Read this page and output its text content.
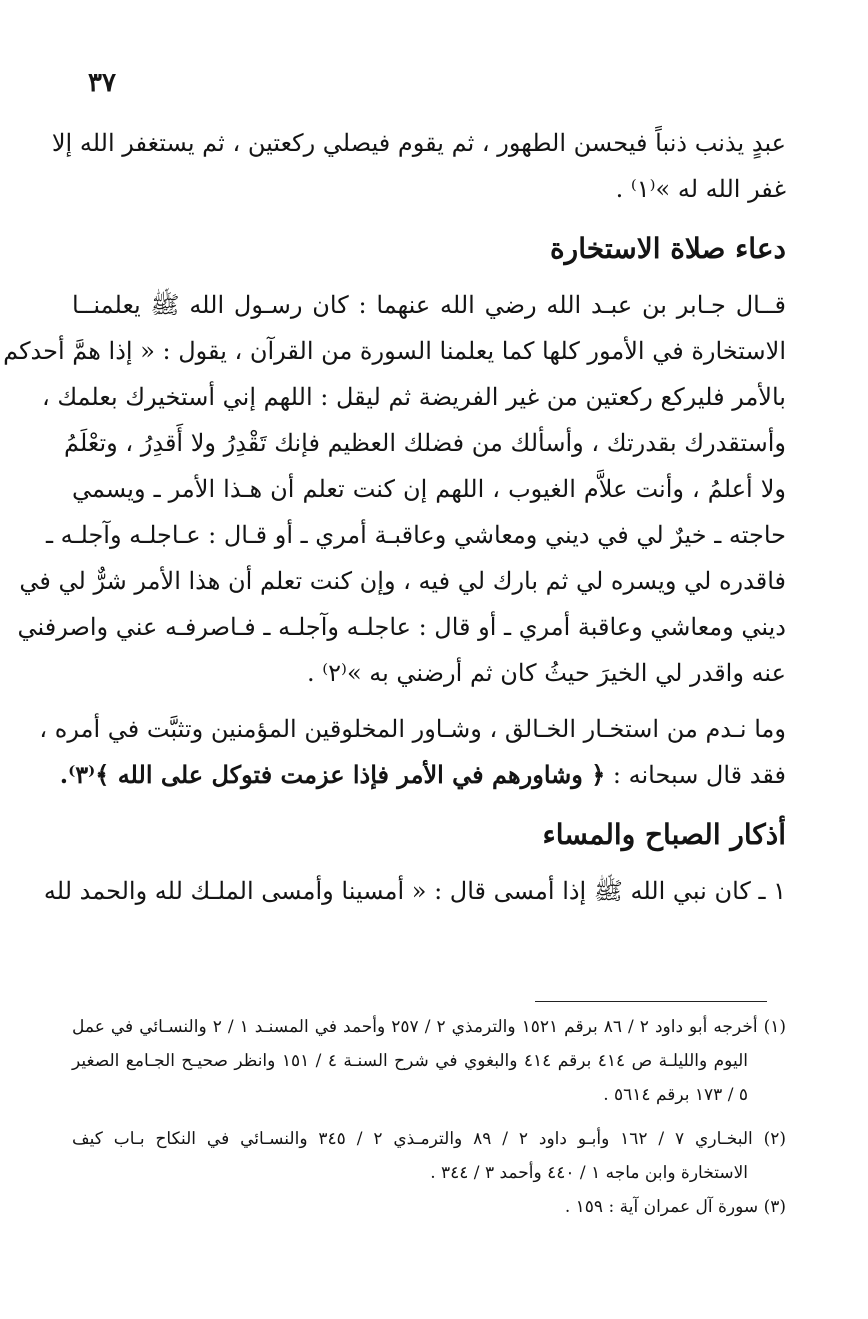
٣٧
عبدٍ يذنب ذنباً فيحسن الطهور ، ثم يقوم فيصلي ركعتين ، ثم يستغفر الله إلا
غفر الله له »⁽١⁾ .
دعاء صلاة الاستخارة
قــال جـابر بن عبـد الله رضي الله عنهما : كان رسـول الله ﷺ يعلمنــا
الاستخارة في الأمور كلها كما يعلمنا السورة من القرآن ، يقول : « إذا همَّ أحدكم
بالأمر فليركع ركعتين من غير الفريضة ثم ليقل : اللهم إني أستخيرك بعلمك ،
وأستقدرك بقدرتك ، وأسألك من فضلك العظيم فإنك تَقْدِرُ ولا أَقدِرُ ، وتعْلَمُ
ولا أعلمُ ، وأنت علاَّم الغيوب ، اللهم إن كنت تعلم أن هـذا الأمر ـ ويسمي
حاجته ـ خيرٌ لي في ديني ومعاشي وعاقبـة أمري ـ أو قـال : عـاجلـه وآجلـه ـ
فاقدره لي ويسره لي ثم بارك لي فيه ، وإن كنت تعلم أن هذا الأمر شرٌّ لي في
ديني ومعاشي وعاقبة أمري ـ أو قال : عاجلـه وآجلـه ـ فـاصرفـه عني واصرفني
عنه واقدر لي الخيرَ حيثُ كان ثم أرضني به »⁽٢⁾ .
وما نـدم من استخـار الخـالق ، وشـاور المخلوقين المؤمنين وتثبَّت في أمره ،
فقد قال سبحانه : ﴿ وشاورهم في الأمر فإذا عزمت فتوكل على الله ﴾⁽٣⁾.
أذكار الصباح والمساء
١ ـ كان نبي الله ﷺ إذا أمسى قال : « أمسينا وأمسى الملـك لله والحمد لله
(١) أخرجه أبو داود ٢ / ٨٦ برقم ١٥٢١ والترمذي ٢ / ٢٥٧ وأحمد في المسنـد ١ / ٢ والنسـائي في عمل
اليوم والليلـة ص ٤١٤ برقم ٤١٤ والبغوي في شرح السنـة ٤ / ١٥١ وانظر صحيـح الجـامع الصغير
٥ / ١٧٣ برقم ٥٦١٤ .
(٢) البخـاري ٧ / ١٦٢ وأبـو داود ٢ / ٨٩ والترمـذي ٢ / ٣٤٥ والنسـائي في النكاح بـاب كيف
الاستخارة وابن ماجه ١ / ٤٤٠ وأحمد ٣ / ٣٤٤ .
(٣) سورة آل عمران آية : ١٥٩ .
